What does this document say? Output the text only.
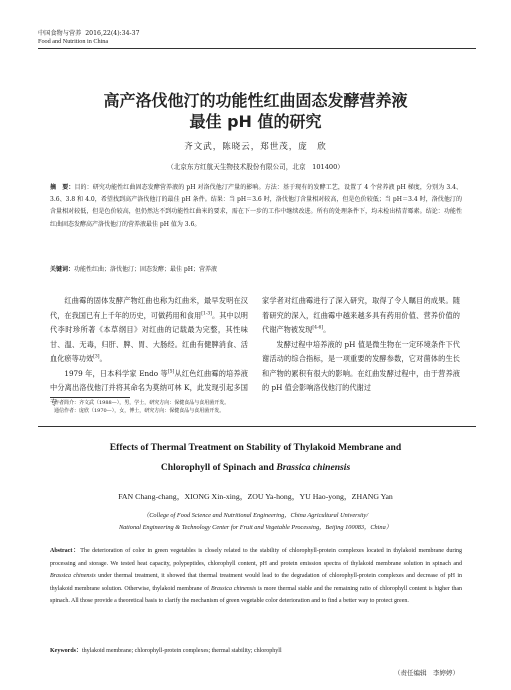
中国食物与营养 2016,22(4):34-37
Food and Nutrition in China
高产洛伐他汀的功能性红曲固态发酵营养液
最佳 pH 值的研究
齐文武，陈晓云，郑世茂，庞　欣
（北京东方红航天生物技术股份有限公司，北京　101400）
摘　要：目的：研究功能性红曲固态发酵营养液的 pH 对洛伐他汀产量的影响。方法：基于现有的发酵工艺，设置了 4 个营养液 pH 梯度，分别为 3.4、3.6、3.8 和 4.0，希望找到高产洛伐他汀的最佳 pH 条件。结果：当 pH＝3.6 时，洛伐他汀含量相对较高，但是色价较低；当 pH＝3.4 时，洛伐他汀的含量相对较低，但是色价较高，但仍然达不到功能性红曲米的要求，需在下一步的工作中继续改进。所有的处理条件下，均未检出桔青霉素。结论：功能性红曲固态发酵高产洛伐他汀的营养液最佳 pH 值为 3.6。
关键词：功能性红曲；洛伐他汀；固态发酵；最佳 pH；营养液

红曲霉的固体发酵产物红曲也称为红曲米，最早发明在汉代，在我国已有上千年的历史，可做药用和食用[1-3]。其中以明代李时珍所著《本草纲目》对红曲的记载最为完整，其性味甘、温、无毒，归肝、脾、胃、大肠经。红曲有健脾消食、活血化瘀等功效[3]。

1979 年，日本科学家 Endo 等[5]从红色红曲霉的培养液中分离出洛伐他汀并将其命名为莫纳可林 K，此发现引起多国专

家学者对红曲霉进行了深入研究，取得了令人瞩目的成果。随着研究的深入，红曲霉中越来越多具有药用价值、营养价值的代谢产物被发现[4-6]。

发酵过程中培养液的 pH 值是微生物在一定环境条件下代谢活动的综合指标，是一项重要的发酵参数，它对菌体的生长和产物的累积有很大的影响。在红曲发酵过程中，由于营养液的 pH 值会影响洛伐他汀的代谢过

作者简介：齐文武（1988—），男，学士，研究方向：保健食品与食用菌开发。
通信作者：庞欣（1970—），女，博士，研究方向：保健食品与食用菌开发。
Effects of Thermal Treatment on Stability of Thylakoid Membrane and
Chlorophyll of Spinach and Brassica chinensis
FAN Chang-chang，XIONG Xin-xing，ZOU Ya-hong，YU Hao-yong，ZHANG Yan
（College of Food Science and Nutritional Engineering，China Agricultural University/
National Engineering & Technology Center for Fruit and Vegetable Processing，Beijing 100083，China）
Abstract：The deterioration of color in green vegetables is closely related to the stability of chlorophyll-protein complexes located in thylakoid membrane during processing and storage. We tested heat capacity, polypeptides, chlorophyll content, pH and protein emission spectra of thylakoid membrane solution in spinach and Brassica chinensis under thermal treatment, it showed that thermal treatment would lead to the degradation of chlorophyll-protein complexes and decrease of pH in thylakoid membrane solution. Otherwise, thylakoid membrane of Brassica chinensis is more thermal stable and the remaining ratio of chlorophyll content is higher than spinach. All those provide a theoretical basis to clarify the mechanism of green vegetable color deterioration and to find a better way to protect green.
Keywords：thylakoid membrane; chlorophyll-protein complexes; thermal stability; chlorophyll
（责任编辑　李婷婷）
